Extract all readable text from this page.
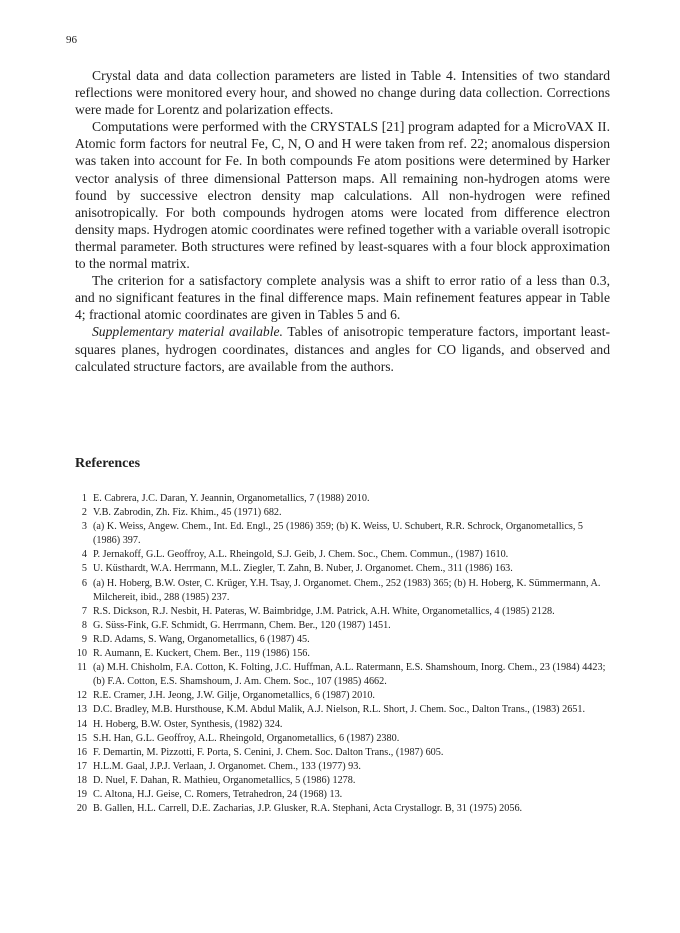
96

Crystal data and data collection parameters are listed in Table 4. Intensities of two standard reflections were monitored every hour, and showed no change during data collection. Corrections were made for Lorentz and polarization effects.

Computations were performed with the CRYSTALS [21] program adapted for a MicroVAX II. Atomic form factors for neutral Fe, C, N, O and H were taken from ref. 22; anomalous dispersion was taken into account for Fe. In both compounds Fe atom positions were determined by Harker vector analysis of three dimensional Patterson maps. All remaining non-hydrogen atoms were found by successive electron density map calculations. All non-hydrogen were refined anisotropically. For both compounds hydrogen atoms were located from difference electron density maps. Hydrogen atomic coordinates were refined together with a variable overall isotropic thermal parameter. Both structures were refined by least-squares with a four block approximation to the normal matrix.

The criterion for a satisfactory complete analysis was a shift to error ratio of a less than 0.3, and no significant features in the final difference maps. Main refinement features appear in Table 4; fractional atomic coordinates are given in Tables 5 and 6.

Supplementary material available. Tables of anisotropic temperature factors, important least-squares planes, hydrogen coordinates, distances and angles for CO ligands, and observed and calculated structure factors, are available from the authors.

References
1 E. Cabrera, J.C. Daran, Y. Jeannin, Organometallics, 7 (1988) 2010.
2 V.B. Zabrodin, Zh. Fiz. Khim., 45 (1971) 682.
3 (a) K. Weiss, Angew. Chem., Int. Ed. Engl., 25 (1986) 359; (b) K. Weiss, U. Schubert, R.R. Schrock, Organometallics, 5 (1986) 397.
4 P. Jernakoff, G.L. Geoffroy, A.L. Rheingold, S.J. Geib, J. Chem. Soc., Chem. Commun., (1987) 1610.
5 U. Küsthardt, W.A. Herrmann, M.L. Ziegler, T. Zahn, B. Nuber, J. Organomet. Chem., 311 (1986) 163.
6 (a) H. Hoberg, B.W. Oster, C. Krüger, Y.H. Tsay, J. Organomet. Chem., 252 (1983) 365; (b) H. Hoberg, K. Sümmermann, A. Milchereit, ibid., 288 (1985) 237.
7 R.S. Dickson, R.J. Nesbit, H. Pateras, W. Baimbridge, J.M. Patrick, A.H. White, Organometallics, 4 (1985) 2128.
8 G. Süss-Fink, G.F. Schmidt, G. Herrmann, Chem. Ber., 120 (1987) 1451.
9 R.D. Adams, S. Wang, Organometallics, 6 (1987) 45.
10 R. Aumann, E. Kuckert, Chem. Ber., 119 (1986) 156.
11 (a) M.H. Chisholm, F.A. Cotton, K. Folting, J.C. Huffman, A.L. Ratermann, E.S. Shamshoum, Inorg. Chem., 23 (1984) 4423; (b) F.A. Cotton, E.S. Shamshoum, J. Am. Chem. Soc., 107 (1985) 4662.
12 R.E. Cramer, J.H. Jeong, J.W. Gilje, Organometallics, 6 (1987) 2010.
13 D.C. Bradley, M.B. Hursthouse, K.M. Abdul Malik, A.J. Nielson, R.L. Short, J. Chem. Soc., Dalton Trans., (1983) 2651.
14 H. Hoberg, B.W. Oster, Synthesis, (1982) 324.
15 S.H. Han, G.L. Geoffroy, A.L. Rheingold, Organometallics, 6 (1987) 2380.
16 F. Demartin, M. Pizzotti, F. Porta, S. Cenini, J. Chem. Soc. Dalton Trans., (1987) 605.
17 H.L.M. Gaal, J.P.J. Verlaan, J. Organomet. Chem., 133 (1977) 93.
18 D. Nuel, F. Dahan, R. Mathieu, Organometallics, 5 (1986) 1278.
19 C. Altona, H.J. Geise, C. Romers, Tetrahedron, 24 (1968) 13.
20 B. Gallen, H.L. Carrell, D.E. Zacharias, J.P. Glusker, R.A. Stephani, Acta Crystallogr. B, 31 (1975) 2056.
